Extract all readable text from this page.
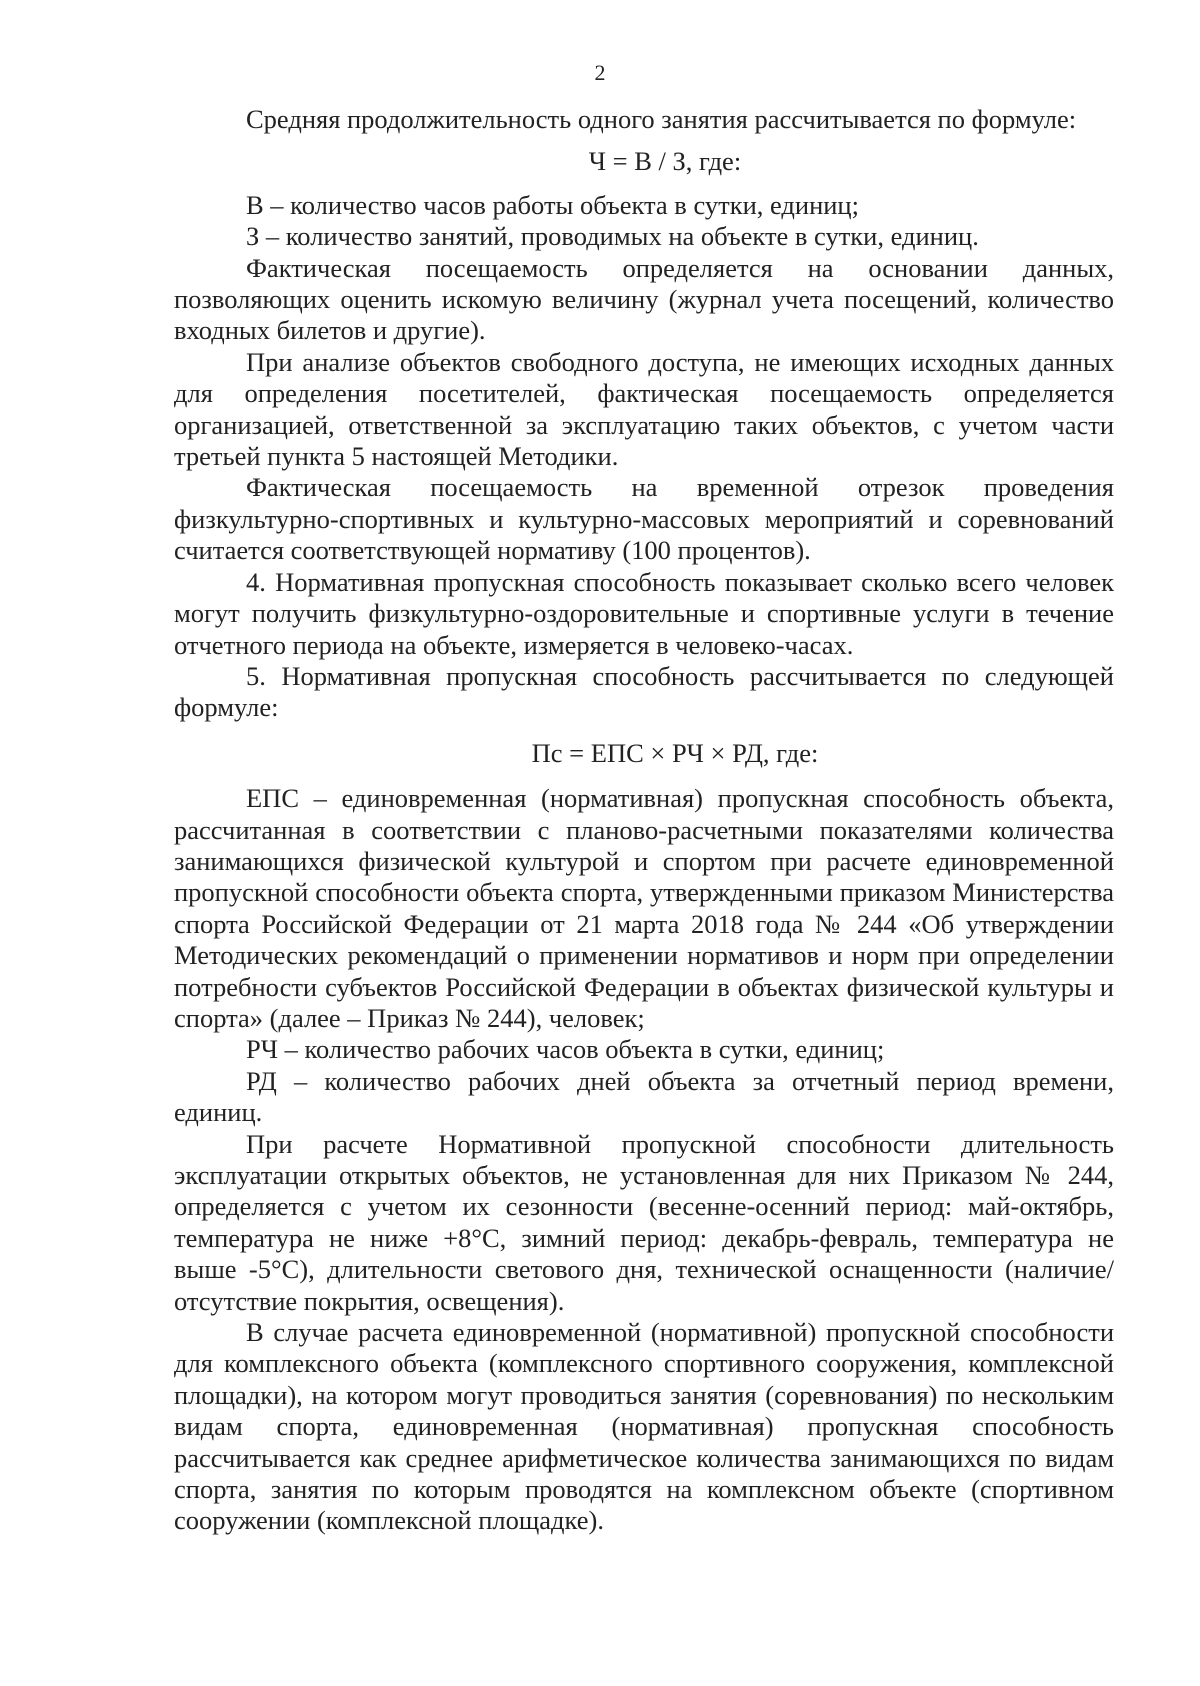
2

Средняя продолжительность одного занятия рассчитывается по формуле:

Ч = В / З, где:

В – количество часов работы объекта в сутки, единиц;

З – количество занятий, проводимых на объекте в сутки, единиц.

Фактическая посещаемость определяется на основании данных, позволяющих оценить искомую величину (журнал учета посещений, количество входных билетов и другие).

При анализе объектов свободного доступа, не имеющих исходных данных для определения посетителей, фактическая посещаемость определяется организацией, ответственной за эксплуатацию таких объектов, с учетом части третьей пункта 5 настоящей Методики.

Фактическая посещаемость на временной отрезок проведения физкультурно-спортивных и культурно-массовых мероприятий и соревнований считается соответствующей нормативу (100 процентов).

4. Нормативная пропускная способность показывает сколько всего человек могут получить физкультурно-оздоровительные и спортивные услуги в течение отчетного периода на объекте, измеряется в человеко-часах.

5. Нормативная пропускная способность рассчитывается по следующей формуле:

Пс = ЕПС × РЧ × РД, где:

ЕПС – единовременная (нормативная) пропускная способность объекта, рассчитанная в соответствии с планово-расчетными показателями количества занимающихся физической культурой и спортом при расчете единовременной пропускной способности объекта спорта, утвержденными приказом Министерства спорта Российской Федерации от 21 марта 2018 года № 244 «Об утверждении Методических рекомендаций о применении нормативов и норм при определении потребности субъектов Российской Федерации в объектах физической культуры и спорта» (далее – Приказ № 244), человек;

РЧ – количество рабочих часов объекта в сутки, единиц;

РД – количество рабочих дней объекта за отчетный период времени, единиц.

При расчете Нормативной пропускной способности длительность эксплуатации открытых объектов, не установленная для них Приказом № 244, определяется с учетом их сезонности (весенне-осенний период: май-октябрь, температура не ниже +8°С, зимний период: декабрь-февраль, температура не выше -5°С), длительности светового дня, технической оснащенности (наличие/отсутствие покрытия, освещения).

В случае расчета единовременной (нормативной) пропускной способности для комплексного объекта (комплексного спортивного сооружения, комплексной площадки), на котором могут проводиться занятия (соревнования) по нескольким видам спорта, единовременная (нормативная) пропускная способность рассчитывается как среднее арифметическое количества занимающихся по видам спорта, занятия по которым проводятся на комплексном объекте (спортивном сооружении (комплексной площадке).
